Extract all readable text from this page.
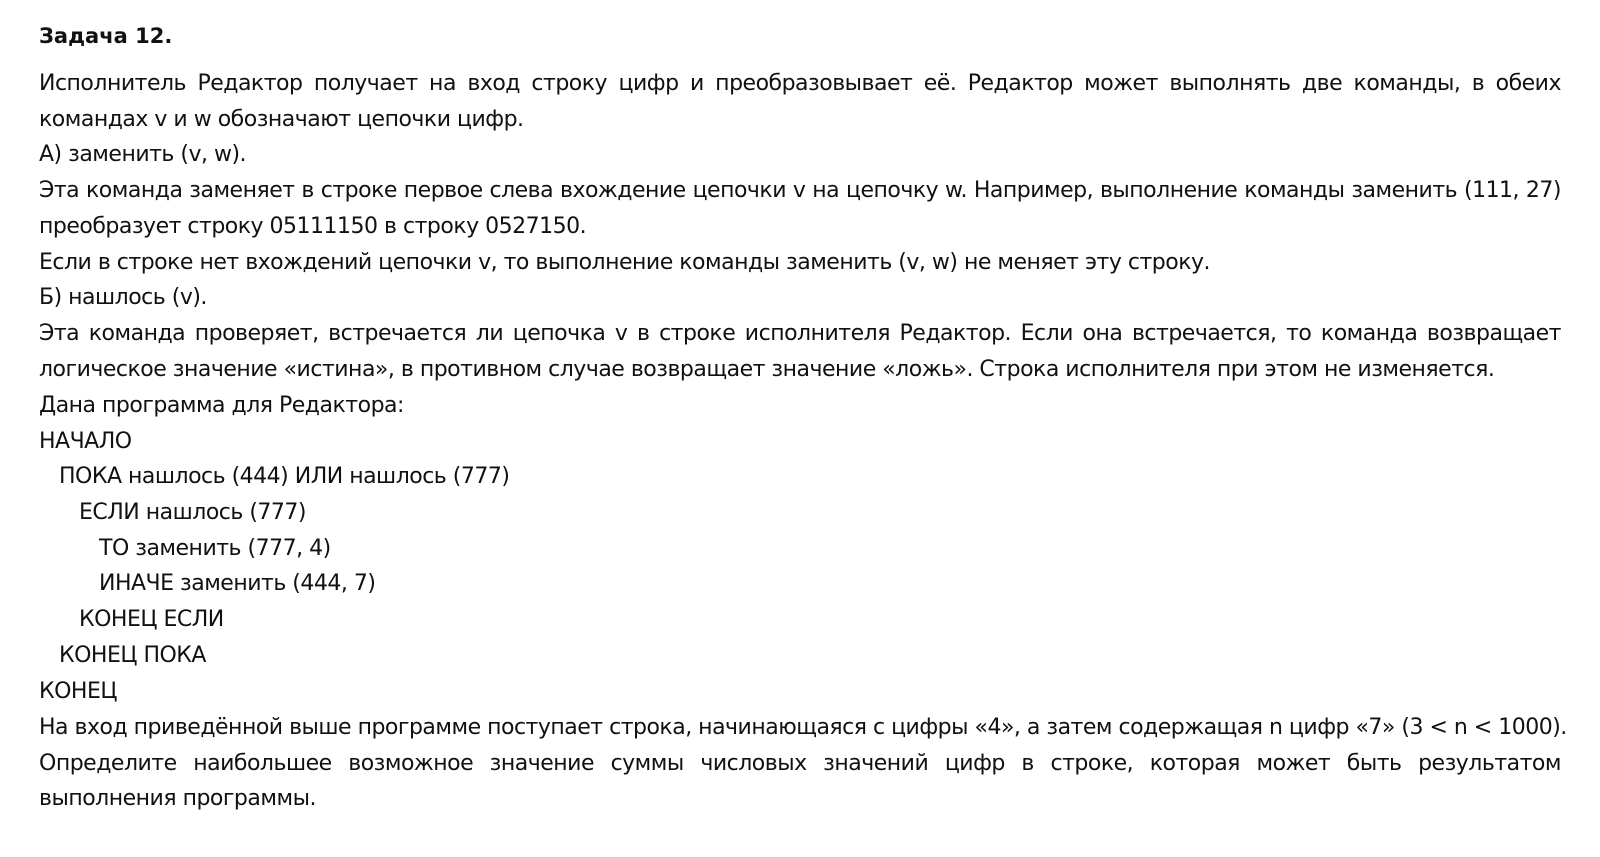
Задача 12.
Исполнитель Редактор получает на вход строку цифр и преобразовывает её. Редактор может выполнять две команды, в обеих
командах v и w обозначают цепочки цифр.
А) заменить (v, w).
Эта команда заменяет в строке первое слева вхождение цепочки v на цепочку w. Например, выполнение команды заменить (111, 27)
преобразует строку 05111150 в строку 0527150.
Если в строке нет вхождений цепочки v, то выполнение команды заменить (v, w) не меняет эту строку.
Б) нашлось (v).
Эта команда проверяет, встречается ли цепочка v в строке исполнителя Редактор. Если она встречается, то команда возвращает
логическое значение «истина», в противном случае возвращает значение «ложь». Строка исполнителя при этом не изменяется.
Дана программа для Редактора:
НАЧАЛО
ПОКА нашлось (444) ИЛИ нашлось (777)
ЕСЛИ нашлось (777)
ТО заменить (777, 4)
ИНАЧЕ заменить (444, 7)
КОНЕЦ ЕСЛИ
КОНЕЦ ПОКА
КОНЕЦ
На вход приведённой выше программе поступает строка, начинающаяся с цифры «4», а затем содержащая n цифр «7» (3 < n < 1000).
Определите наибольшее возможное значение суммы числовых значений цифр в строке, которая может быть результатом
выполнения программы.
